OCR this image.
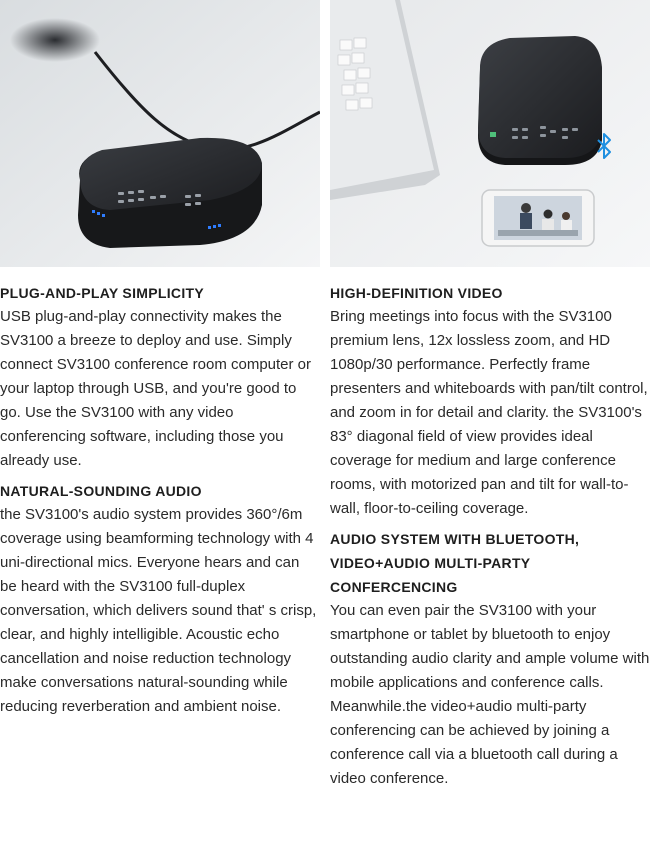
PLUG-AND-PLAY SIMPLICITY

USB plug-and-play connectivity makes the SV3100 a breeze to deploy and use. Simply connect SV3100 conference room computer or your laptop through USB, and you're good to go. Use the SV3100 with any video conferencing software, including those you already use.

NATURAL-SOUNDING AUDIO

the SV3100's audio system provides 360°/6m coverage using beamforming technology with 4 uni-directional mics. Everyone hears and can be heard with the SV3100 full-duplex conversation, which delivers sound that' s crisp, clear, and highly intelligible. Acoustic echo cancellation and noise reduction technology make conversations natural-sounding while reducing reverberation and ambient noise.

HIGH-DEFINITION VIDEO

Bring meetings into focus with the SV3100 premium lens, 12x lossless zoom, and HD 1080p/30 performance. Perfectly frame presenters and whiteboards with pan/tilt control, and zoom in for detail and clarity. the SV3100's 83° diagonal field of view provides ideal coverage for medium and large conference rooms, with motorized pan and tilt for wall-to-wall, floor-to-ceiling coverage.

AUDIO SYSTEM WITH BLUETOOTH, VIDEO+AUDIO MULTI-PARTY CONFERCENCING

You can even pair the SV3100 with your smartphone or tablet by bluetooth to enjoy outstanding audio clarity and ample volume with mobile applications and conference calls. Meanwhile.the video+audio multi-party conferencing can be achieved by joining a conference call via a bluetooth call during a video conference.
